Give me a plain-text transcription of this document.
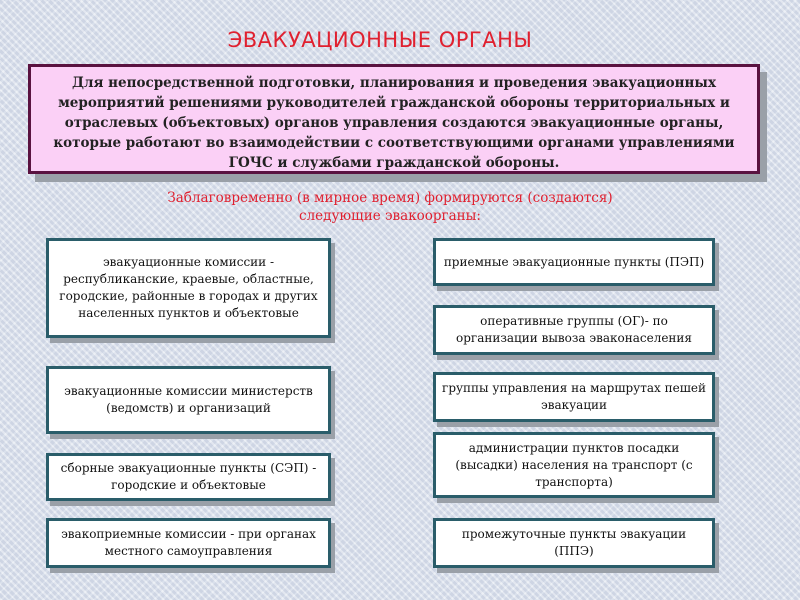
ЭВАКУАЦИОННЫЕ ОРГАНЫ
Для непосредственной подготовки, планирования и проведения эвакуационных мероприятий решениями руководителей гражданской обороны территориальных и отраслевых (объектовых) органов управления создаются эвакуационные органы, которые работают во взаимодействии с соответствующими органами управлениями ГОЧС и службами гражданской обороны.
Заблаговременно (в мирное время) формируются (создаются) следующие эвакоорганы:
эвакуационные комиссии - республиканские, краевые, областные, городские, районные в городах и других населенных пунктов и объектовые
эвакуационные комиссии министерств (ведомств) и организаций
сборные эвакуационные пункты (СЭП) - городские и объектовые
эвакоприемные комиссии - при органах местного самоуправления
приемные эвакуационные пункты (ПЭП)
оперативные группы (ОГ)- по организации вывоза эваконаселения
группы управления на маршрутах пешей эвакуации
администрации пунктов посадки (высадки) населения на транспорт (с транспорта)
промежуточные пункты эвакуации (ППЭ)
